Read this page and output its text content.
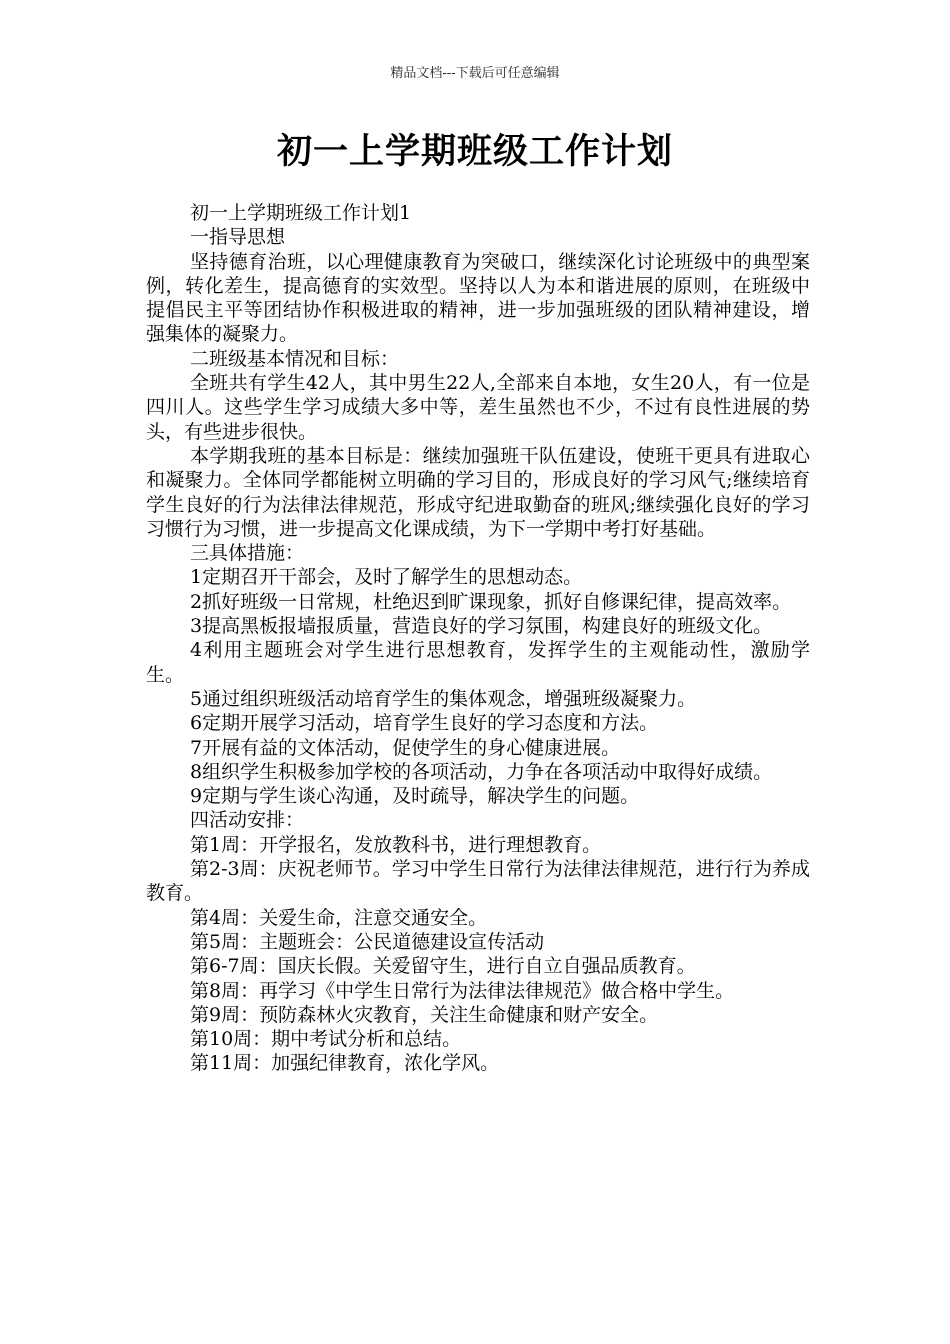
精品文档---下载后可任意编辑
初一上学期班级工作计划

初一上学期班级工作计划1

一指导思想

坚持德育治班，以心理健康教育为突破口，继续深化讨论班级中的典型案例，转化差生，提高德育的实效型。坚持以人为本和谐进展的原则，在班级中提倡民主平等团结协作积极进取的精神，进一步加强班级的团队精神建设，增强集体的凝聚力。

二班级基本情况和目标：

全班共有学生42人，其中男生22人,全部来自本地，女生20人，有一位是四川人。这些学生学习成绩大多中等，差生虽然也不少，不过有良性进展的势头，有些进步很快。

本学期我班的基本目标是：继续加强班干队伍建设，使班干更具有进取心和凝聚力。全体同学都能树立明确的学习目的，形成良好的学习风气;继续培育学生良好的行为法律法律规范，形成守纪进取勤奋的班风;继续强化良好的学习习惯行为习惯，进一步提高文化课成绩，为下一学期中考打好基础。

三具体措施：

1定期召开干部会，及时了解学生的思想动态。

2抓好班级一日常规，杜绝迟到旷课现象，抓好自修课纪律，提高效率。

3提高黑板报墙报质量，营造良好的学习氛围，构建良好的班级文化。

4利用主题班会对学生进行思想教育，发挥学生的主观能动性，激励学生。

5通过组织班级活动培育学生的集体观念，增强班级凝聚力。

6定期开展学习活动，培育学生良好的学习态度和方法。

7开展有益的文体活动，促使学生的身心健康进展。

8组织学生积极参加学校的各项活动，力争在各项活动中取得好成绩。

9定期与学生谈心沟通，及时疏导，解决学生的问题。

四活动安排：

第1周：开学报名，发放教科书，进行理想教育。

第2-3周：庆祝老师节。学习中学生日常行为法律法律规范，进行行为养成教育。

第4周：关爱生命，注意交通安全。

第5周：主题班会：公民道德建设宣传活动

第6-7周：国庆长假。关爱留守生，进行自立自强品质教育。

第8周：再学习《中学生日常行为法律法律规范》做合格中学生。

第9周：预防森林火灾教育，关注生命健康和财产安全。

第10周：期中考试分析和总结。

第11周：加强纪律教育，浓化学风。
